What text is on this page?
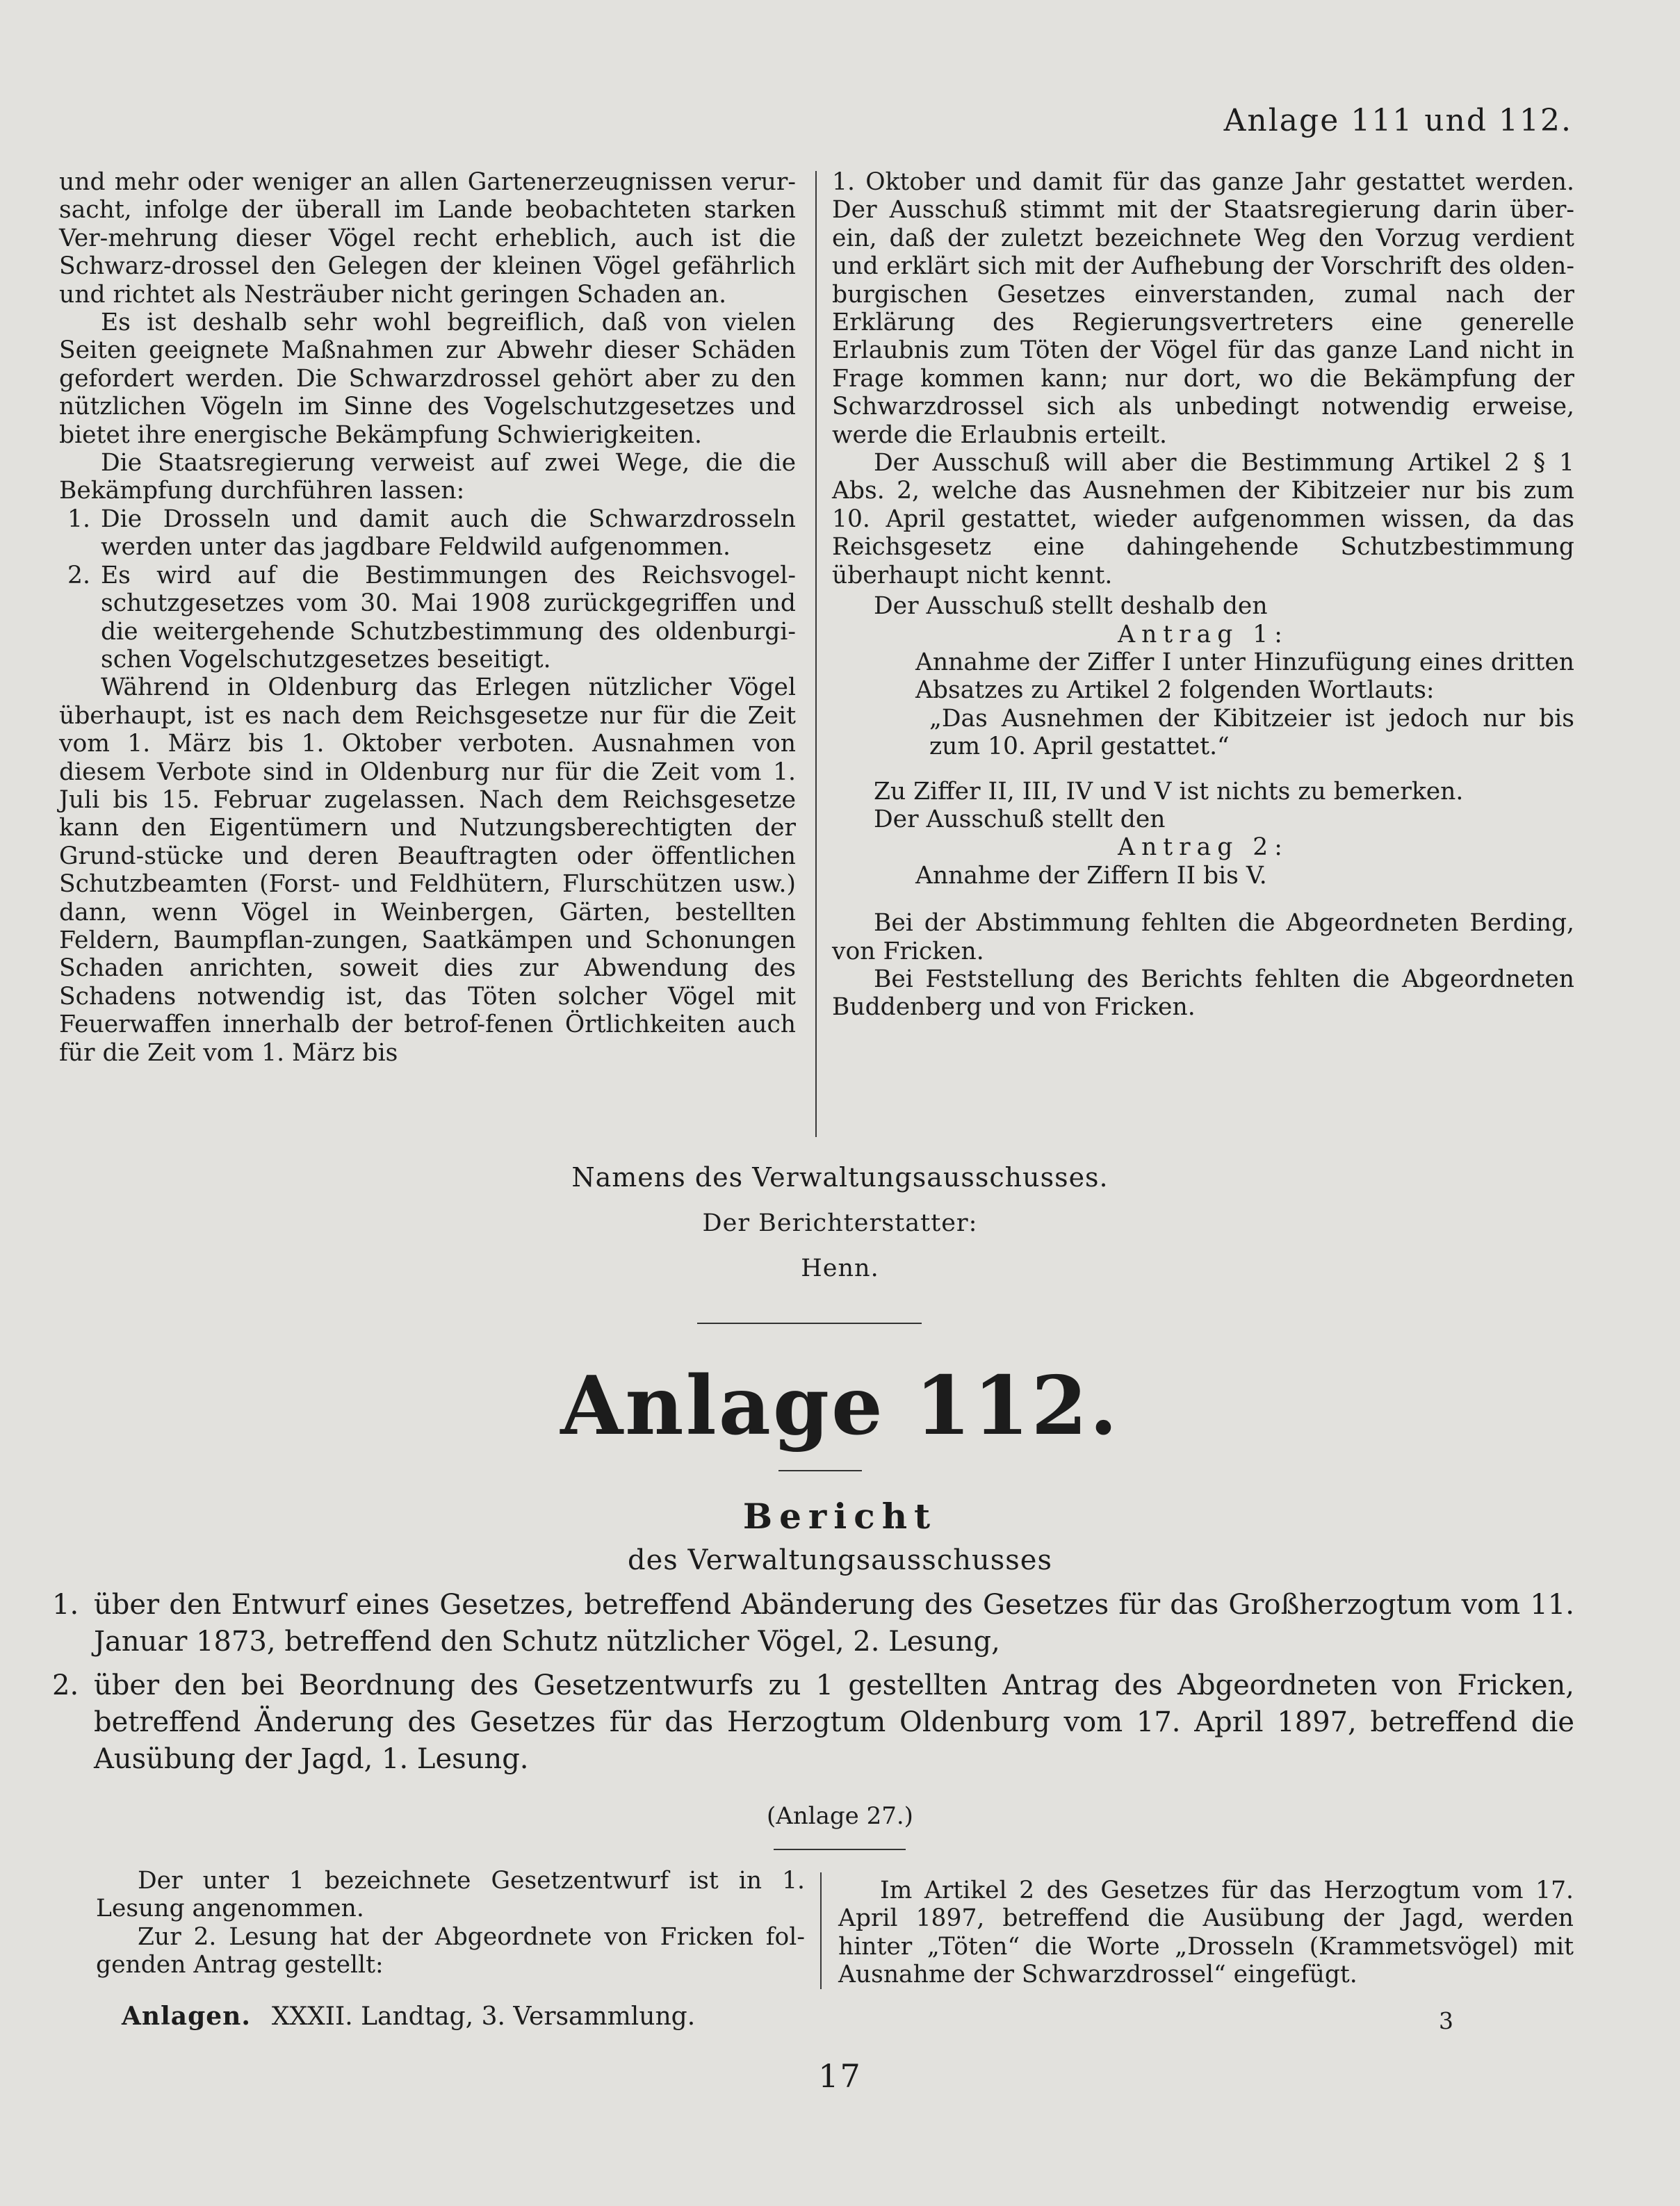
Anlage 111 und 112.

und mehr oder weniger an allen Gartenerzeugnissen verur-sacht, infolge der überall im Lande beobachteten starken Ver-mehrung dieser Vögel recht erheblich, auch ist die Schwarz-drossel den Gelegen der kleinen Vögel gefährlich und richtet als Nesträuber nicht geringen Schaden an.

Es ist deshalb sehr wohl begreiflich, daß von vielen Seiten geeignete Maßnahmen zur Abwehr dieser Schäden gefordert werden. Die Schwarzdrossel gehört aber zu den nützlichen Vögeln im Sinne des Vogelschutzgesetzes und bietet ihre energische Bekämpfung Schwierigkeiten.

Die Staatsregierung verweist auf zwei Wege, die die Bekämpfung durchführen lassen:

1. Die Drosseln und damit auch die Schwarzdrosseln werden unter das jagdbare Feldwild aufgenommen.
2. Es wird auf die Bestimmungen des Reichsvogel-schutzgesetzes vom 30. Mai 1908 zurückgegriffen und die weitergehende Schutzbestimmung des oldenburgi-schen Vogelschutzgesetzes beseitigt.

Während in Oldenburg das Erlegen nützlicher Vögel überhaupt, ist es nach dem Reichsgesetze nur für die Zeit vom 1. März bis 1. Oktober verboten. Ausnahmen von diesem Verbote sind in Oldenburg nur für die Zeit vom 1. Juli bis 15. Februar zugelassen. Nach dem Reichsgesetze kann den Eigentümern und Nutzungsberechtigten der Grund-stücke und deren Beauftragten oder öffentlichen Schutzbeamten (Forst- und Feldhütern, Flurschützen usw.) dann, wenn Vögel in Weinbergen, Gärten, bestellten Feldern, Baumpflan-zungen, Saatkämpen und Schonungen Schaden anrichten, soweit dies zur Abwendung des Schadens notwendig ist, das Töten solcher Vögel mit Feuerwaffen innerhalb der betrof-fenen Örtlichkeiten auch für die Zeit vom 1. März bis

1. Oktober und damit für das ganze Jahr gestattet werden. Der Ausschuß stimmt mit der Staatsregierung darin über-ein, daß der zuletzt bezeichnete Weg den Vorzug verdient und erklärt sich mit der Aufhebung der Vorschrift des olden-burgischen Gesetzes einverstanden, zumal nach der Erklärung des Regierungsvertreters eine generelle Erlaubnis zum Töten der Vögel für das ganze Land nicht in Frage kommen kann; nur dort, wo die Bekämpfung der Schwarzdrossel sich als unbedingt notwendig erweise, werde die Erlaubnis erteilt.

Der Ausschuß will aber die Bestimmung Artikel 2 § 1 Abs. 2, welche das Ausnehmen der Kibitzeier nur bis zum 10. April gestattet, wieder aufgenommen wissen, da das Reichsgesetz eine dahingehende Schutzbestimmung überhaupt nicht kennt.

Der Ausschuß stellt deshalb den

Antrag 1:

Annahme der Ziffer I unter Hinzufügung eines dritten Absatzes zu Artikel 2 folgenden Wortlauts:

„Das Ausnehmen der Kibitzeier ist jedoch nur bis zum 10. April gestattet.“

Zu Ziffer II, III, IV und V ist nichts zu bemerken.

Der Ausschuß stellt den

Antrag 2:

Annahme der Ziffern II bis V.

Bei der Abstimmung fehlten die Abgeordneten Berding, von Fricken.

Bei Feststellung des Berichts fehlten die Abgeordneten Buddenberg und von Fricken.

Namens des Verwaltungsausschusses.
Der Berichterstatter:
Henn.
Anlage 112.
Bericht
des Verwaltungsausschusses
1. über den Entwurf eines Gesetzes, betreffend Abänderung des Gesetzes für das Großherzogtum vom 11. Januar 1873, betreffend den Schutz nützlicher Vögel, 2. Lesung,
2. über den bei Beordnung des Gesetzentwurfs zu 1 gestellten Antrag des Abgeordneten von Fricken, betreffend Änderung des Gesetzes für das Herzogtum Oldenburg vom 17. April 1897, betreffend die Ausübung der Jagd, 1. Lesung.
(Anlage 27.)

Der unter 1 bezeichnete Gesetzentwurf ist in 1. Lesung angenommen.

Zur 2. Lesung hat der Abgeordnete von Fricken fol-genden Antrag gestellt:

Im Artikel 2 des Gesetzes für das Herzogtum vom 17. April 1897, betreffend die Ausübung der Jagd, werden hinter „Töten“ die Worte „Drosseln (Krammetsvögel) mit Ausnahme der Schwarzdrossel“ eingefügt.

Anlagen. XXXII. Landtag, 3. Versammlung.	3
17
